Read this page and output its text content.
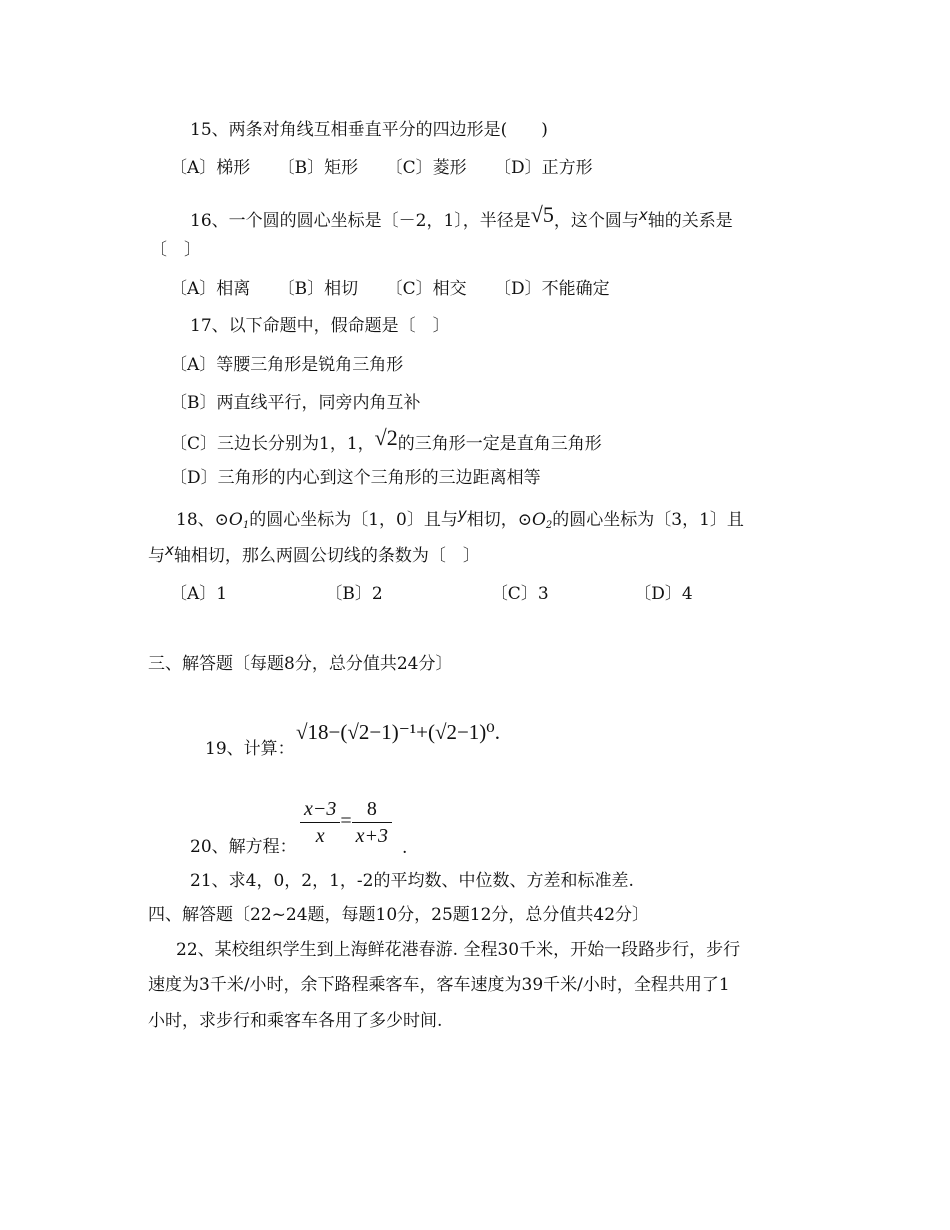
15、两条对角线互相垂直平分的四边形是(　　)
〔A〕梯形 〔B〕矩形 〔C〕菱形 〔D〕正方形
16、一个圆的圆心坐标是〔－2，1〕，半径是√5，这个圆与x轴的关系是
〔　〕
〔A〕相离 〔B〕相切 〔C〕相交 〔D〕不能确定
17、以下命题中，假命题是〔　〕
〔A〕等腰三角形是锐角三角形
〔B〕两直线平行，同旁内角互补
〔C〕三边长分别为1，1，√2的三角形一定是直角三角形
〔D〕三角形的内心到这个三角形的三边距离相等
18、⊙O1的圆心坐标为〔1，0〕且与y相切，⊙O2的圆心坐标为〔3，1〕且
与x轴相切，那么两圆公切线的条数为〔　〕
〔A〕1	〔B〕2	〔C〕3	〔D〕4
三、解答题〔每题8分，总分值共24分〕
19、计算：
√18−(√2−1)⁻¹+(√2−1)⁰.
20、解方程： $\frac{x-3}{x} = \frac{8}{x+3}$ .
21、求4，0，2，1，-2的平均数、中位数、方差和标准差.
四、解答题〔22~24题，每题10分，25题12分，总分值共42分〕
22、某校组织学生到上海鲜花港春游. 全程30千米，开始一段路步行，步行
速度为3千米/小时，余下路程乘客车，客车速度为39千米/小时，全程共用了1
小时，求步行和乘客车各用了多少时间.
